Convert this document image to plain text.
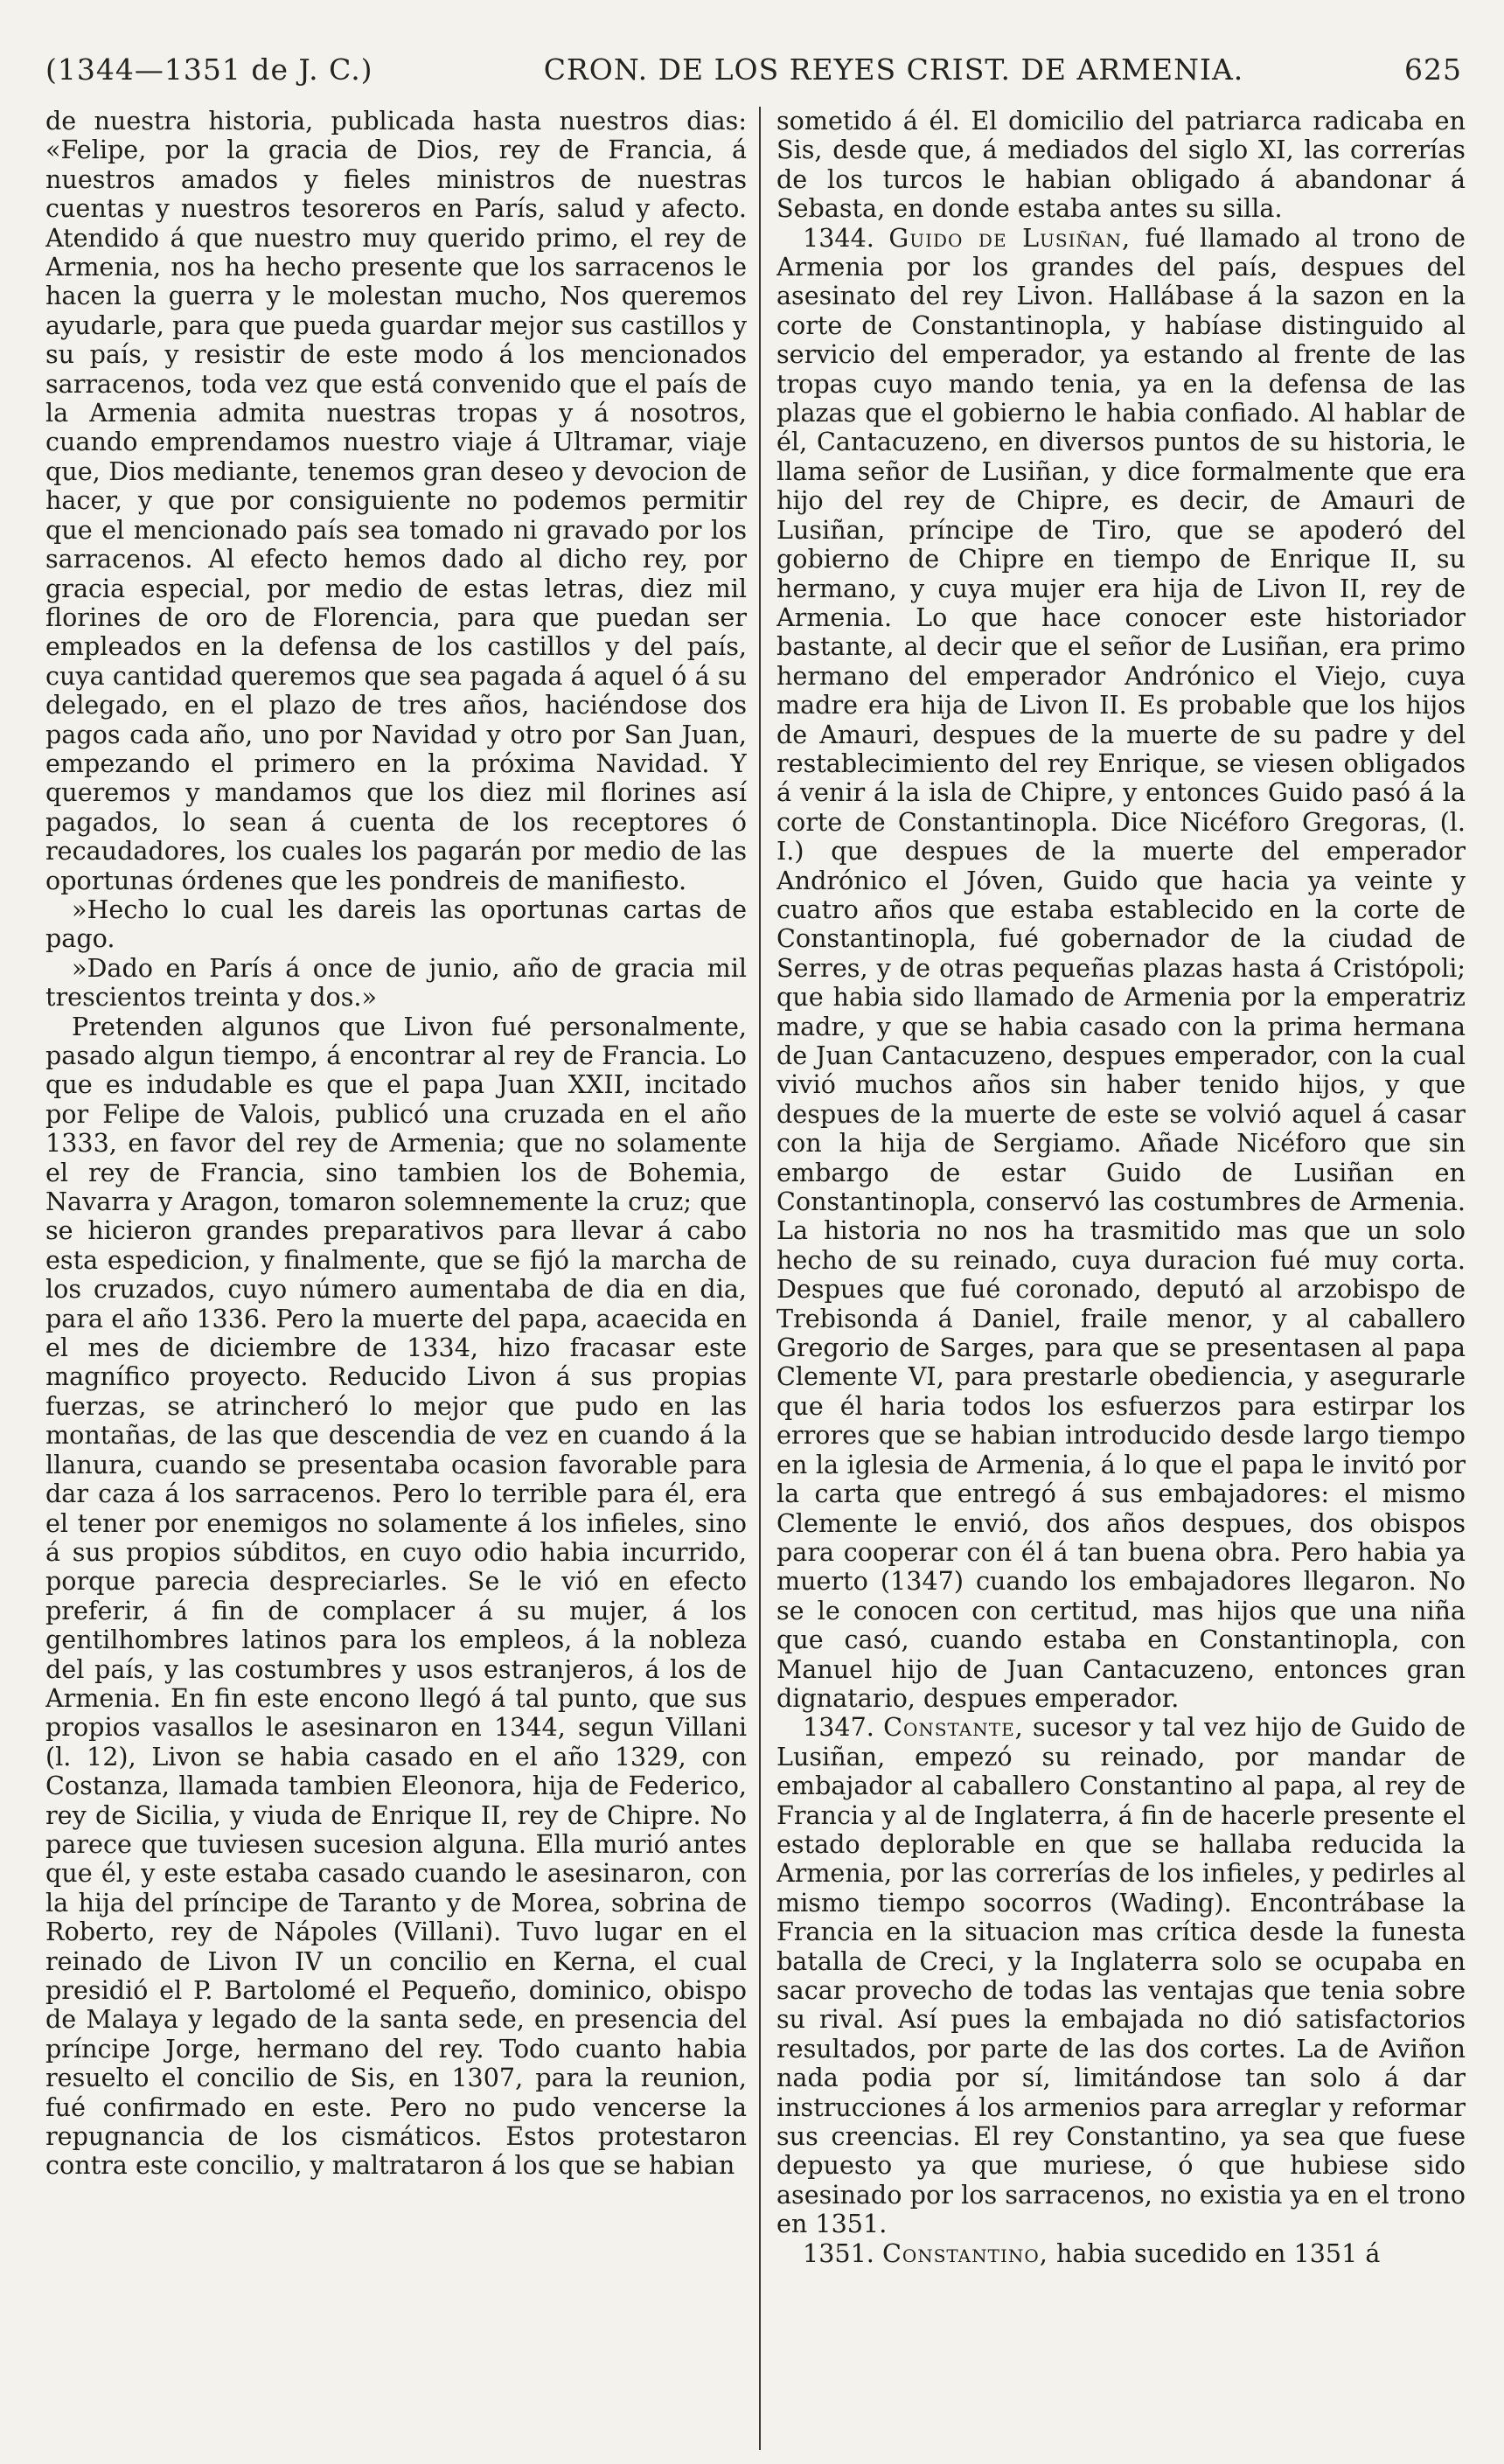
(1344—1351 de J. C.)	CRON. DE LOS REYES CRIST. DE ARMENIA.	625

de nuestra historia, publicada hasta nuestros dias: «Felipe, por la gracia de Dios, rey de Francia, á nuestros amados y fieles ministros de nuestras cuentas y nuestros tesoreros en París, salud y afecto. Atendido á que nuestro muy querido primo, el rey de Armenia, nos ha hecho presente que los sarracenos le hacen la guerra y le molestan mucho, Nos queremos ayudarle, para que pueda guardar mejor sus castillos y su país, y resistir de este modo á los mencionados sarracenos, toda vez que está convenido que el país de la Armenia admita nuestras tropas y á nosotros, cuando emprendamos nuestro viaje á Ultramar, viaje que, Dios mediante, tenemos gran deseo y devocion de hacer, y que por consiguiente no podemos permitir que el mencionado país sea tomado ni gravado por los sarracenos. Al efecto hemos dado al dicho rey, por gracia especial, por medio de estas letras, diez mil florines de oro de Florencia, para que puedan ser empleados en la defensa de los castillos y del país, cuya cantidad queremos que sea pagada á aquel ó á su delegado, en el plazo de tres años, haciéndose dos pagos cada año, uno por Navidad y otro por San Juan, empezando el primero en la próxima Navidad. Y queremos y mandamos que los diez mil florines así pagados, lo sean á cuenta de los receptores ó recaudadores, los cuales los pagarán por medio de las oportunas órdenes que les pondreis de manifiesto.

»Hecho lo cual les dareis las oportunas cartas de pago.

»Dado en París á once de junio, año de gracia mil trescientos treinta y dos.»

Pretenden algunos que Livon fué personalmente, pasado algun tiempo, á encontrar al rey de Francia. Lo que es indudable es que el papa Juan XXII, incitado por Felipe de Valois, publicó una cruzada en el año 1333, en favor del rey de Armenia; que no solamente el rey de Francia, sino tambien los de Bohemia, Navarra y Aragon, tomaron solemnemente la cruz; que se hicieron grandes preparativos para llevar á cabo esta espedicion, y finalmente, que se fijó la marcha de los cruzados, cuyo número aumentaba de dia en dia, para el año 1336. Pero la muerte del papa, acaecida en el mes de diciembre de 1334, hizo fracasar este magnífico proyecto. Reducido Livon á sus propias fuerzas, se atrincheró lo mejor que pudo en las montañas, de las que descendia de vez en cuando á la llanura, cuando se presentaba ocasion favorable para dar caza á los sarracenos. Pero lo terrible para él, era el tener por enemigos no solamente á los infieles, sino á sus propios súbditos, en cuyo odio habia incurrido, porque parecia despreciarles. Se le vió en efecto preferir, á fin de complacer á su mujer, á los gentilhombres latinos para los empleos, á la nobleza del país, y las costumbres y usos estranjeros, á los de Armenia. En fin este encono llegó á tal punto, que sus propios vasallos le asesinaron en 1344, segun Villani (l. 12), Livon se habia casado en el año 1329, con Costanza, llamada tambien Eleonora, hija de Federico, rey de Sicilia, y viuda de Enrique II, rey de Chipre. No parece que tuviesen sucesion alguna. Ella murió antes que él, y este estaba casado cuando le asesinaron, con la hija del príncipe de Taranto y de Morea, sobrina de Roberto, rey de Nápoles (Villani). Tuvo lugar en el reinado de Livon IV un concilio en Kerna, el cual presidió el P. Bartolomé el Pequeño, dominico, obispo de Malaya y legado de la santa sede, en presencia del príncipe Jorge, hermano del rey. Todo cuanto habia resuelto el concilio de Sis, en 1307, para la reunion, fué confirmado en este. Pero no pudo vencerse la repugnancia de los cismáticos. Estos protestaron contra este concilio, y maltrataron á los que se habian

sometido á él. El domicilio del patriarca radicaba en Sis, desde que, á mediados del siglo XI, las correrías de los turcos le habian obligado á abandonar á Sebasta, en donde estaba antes su silla.

1344. Guido de Lusiñan, fué llamado al trono de Armenia por los grandes del país, despues del asesinato del rey Livon. Hallábase á la sazon en la corte de Constantinopla, y habíase distinguido al servicio del emperador, ya estando al frente de las tropas cuyo mando tenia, ya en la defensa de las plazas que el gobierno le habia confiado. Al hablar de él, Cantacuzeno, en diversos puntos de su historia, le llama señor de Lusiñan, y dice formalmente que era hijo del rey de Chipre, es decir, de Amauri de Lusiñan, príncipe de Tiro, que se apoderó del gobierno de Chipre en tiempo de Enrique II, su hermano, y cuya mujer era hija de Livon II, rey de Armenia. Lo que hace conocer este historiador bastante, al decir que el señor de Lusiñan, era primo hermano del emperador Andrónico el Viejo, cuya madre era hija de Livon II. Es probable que los hijos de Amauri, despues de la muerte de su padre y del restablecimiento del rey Enrique, se viesen obligados á venir á la isla de Chipre, y entonces Guido pasó á la corte de Constantinopla. Dice Nicéforo Gregoras, (l. I.) que despues de la muerte del emperador Andrónico el Jóven, Guido que hacia ya veinte y cuatro años que estaba establecido en la corte de Constantinopla, fué gobernador de la ciudad de Serres, y de otras pequeñas plazas hasta á Cristópoli; que habia sido llamado de Armenia por la emperatriz madre, y que se habia casado con la prima hermana de Juan Cantacuzeno, despues emperador, con la cual vivió muchos años sin haber tenido hijos, y que despues de la muerte de este se volvió aquel á casar con la hija de Sergiamo. Añade Nicéforo que sin embargo de estar Guido de Lusiñan en Constantinopla, conservó las costumbres de Armenia. La historia no nos ha trasmitido mas que un solo hecho de su reinado, cuya duracion fué muy corta. Despues que fué coronado, deputó al arzobispo de Trebisonda á Daniel, fraile menor, y al caballero Gregorio de Sarges, para que se presentasen al papa Clemente VI, para prestarle obediencia, y asegurarle que él haria todos los esfuerzos para estirpar los errores que se habian introducido desde largo tiempo en la iglesia de Armenia, á lo que el papa le invitó por la carta que entregó á sus embajadores: el mismo Clemente le envió, dos años despues, dos obispos para cooperar con él á tan buena obra. Pero habia ya muerto (1347) cuando los embajadores llegaron. No se le conocen con certitud, mas hijos que una niña que casó, cuando estaba en Constantinopla, con Manuel hijo de Juan Cantacuzeno, entonces gran dignatario, despues emperador.

1347. Constante, sucesor y tal vez hijo de Guido de Lusiñan, empezó su reinado, por mandar de embajador al caballero Constantino al papa, al rey de Francia y al de Inglaterra, á fin de hacerle presente el estado deplorable en que se hallaba reducida la Armenia, por las correrías de los infieles, y pedirles al mismo tiempo socorros (Wading). Encontrábase la Francia en la situacion mas crítica desde la funesta batalla de Creci, y la Inglaterra solo se ocupaba en sacar provecho de todas las ventajas que tenia sobre su rival. Así pues la embajada no dió satisfactorios resultados, por parte de las dos cortes. La de Aviñon nada podia por sí, limitándose tan solo á dar instrucciones á los armenios para arreglar y reformar sus creencias. El rey Constantino, ya sea que fuese depuesto ya que muriese, ó que hubiese sido asesinado por los sarracenos, no existia ya en el trono en 1351.

1351. Constantino, habia sucedido en 1351 á
